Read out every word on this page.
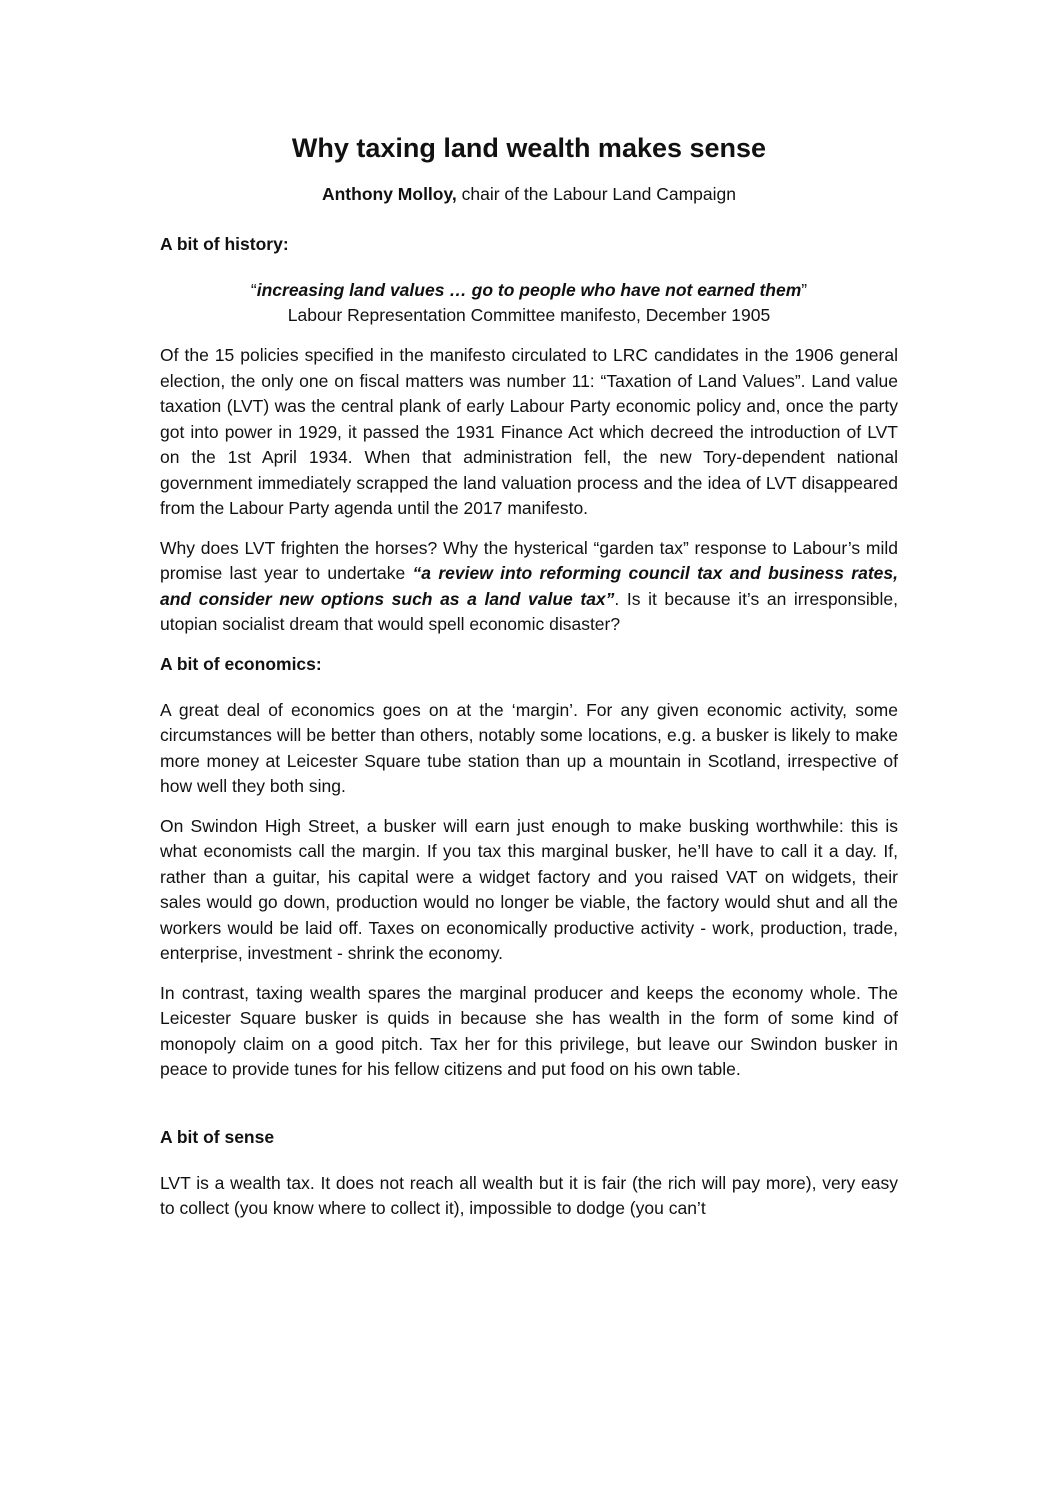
Why taxing land wealth makes sense
Anthony Molloy, chair of the Labour Land Campaign
A bit of history:
“increasing land values … go to people who have not earned them”
Labour Representation Committee manifesto, December 1905

Of the 15 policies specified in the manifesto circulated to LRC candidates in the 1906 general election, the only one on fiscal matters was number 11: “Taxation of Land Values”. Land value taxation (LVT) was the central plank of early Labour Party economic policy and, once the party got into power in 1929, it passed the 1931 Finance Act which decreed the introduction of LVT on the 1st April 1934. When that administration fell, the new Tory-dependent national government immediately scrapped the land valuation process and the idea of LVT disappeared from the Labour Party agenda until the 2017 manifesto.

Why does LVT frighten the horses? Why the hysterical “garden tax” response to Labour’s mild promise last year to undertake “a review into reforming council tax and business rates, and consider new options such as a land value tax”. Is it because it’s an irresponsible, utopian socialist dream that would spell economic disaster?

A bit of economics:

A great deal of economics goes on at the ‘margin’. For any given economic activity, some circumstances will be better than others, notably some locations, e.g. a busker is likely to make more money at Leicester Square tube station than up a mountain in Scotland, irrespective of how well they both sing.

On Swindon High Street, a busker will earn just enough to make busking worthwhile: this is what economists call the margin. If you tax this marginal busker, he’ll have to call it a day. If, rather than a guitar, his capital were a widget factory and you raised VAT on widgets, their sales would go down, production would no longer be viable, the factory would shut and all the workers would be laid off. Taxes on economically productive activity - work, production, trade, enterprise, investment - shrink the economy.

In contrast, taxing wealth spares the marginal producer and keeps the economy whole. The Leicester Square busker is quids in because she has wealth in the form of some kind of monopoly claim on a good pitch. Tax her for this privilege, but leave our Swindon busker in peace to provide tunes for his fellow citizens and put food on his own table.

A bit of sense

LVT is a wealth tax. It does not reach all wealth but it is fair (the rich will pay more), very easy to collect (you know where to collect it), impossible to dodge (you can’t
